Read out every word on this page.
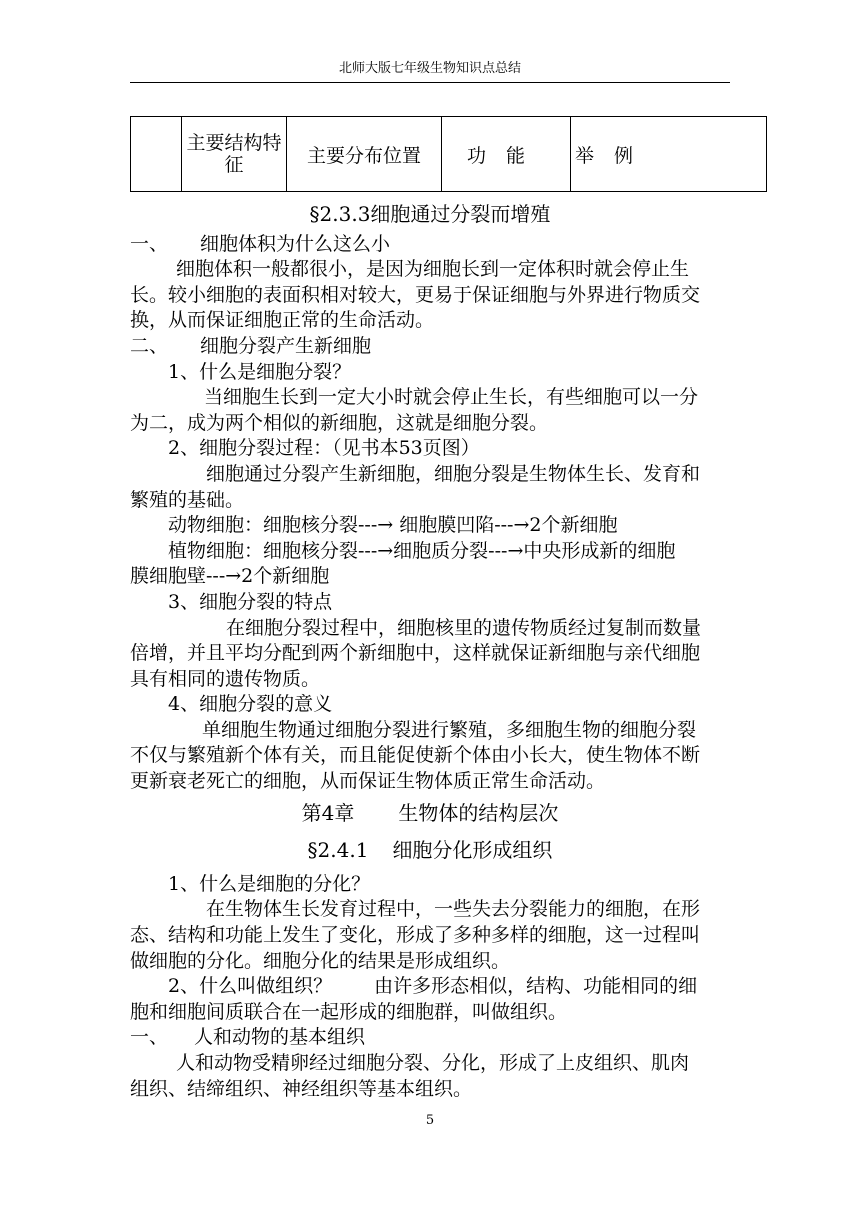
北师大版七年级生物知识点总结
	主要结构特征	主要分布位置	功能	举例

§2.3.3细胞通过分裂而增殖

一、 细胞体积为什么这么小

细胞体积一般都很小，是因为细胞长到一定体积时就会停止生

长。较小细胞的表面积相对较大，更易于保证细胞与外界进行物质交

换，从而保证细胞正常的生命活动。

二、 细胞分裂产生新细胞

1、什么是细胞分裂？

当细胞生长到一定大小时就会停止生长，有些细胞可以一分

为二，成为两个相似的新细胞，这就是细胞分裂。

2、细胞分裂过程：（见书本53页图）

细胞通过分裂产生新细胞，细胞分裂是生物体生长、发育和

繁殖的基础。

动物细胞：细胞核分裂---→ 细胞膜凹陷---→2个新细胞

植物细胞：细胞核分裂---→细胞质分裂---→中央形成新的细胞

膜细胞壁---→2个新细胞

3、细胞分裂的特点

在细胞分裂过程中，细胞核里的遗传物质经过复制而数量

倍增，并且平均分配到两个新细胞中，这样就保证新细胞与亲代细胞

具有相同的遗传物质。

4、细胞分裂的意义

单细胞生物通过细胞分裂进行繁殖，多细胞生物的细胞分裂

不仅与繁殖新个体有关，而且能促使新个体由小长大，使生物体不断

更新衰老死亡的细胞，从而保证生物体质正常生命活动。

第4章 生物体的结构层次

§2.4.1 细胞分化形成组织

1、什么是细胞的分化？

在生物体生长发育过程中，一些失去分裂能力的细胞，在形

态、结构和功能上发生了变化，形成了多种多样的细胞，这一过程叫

做细胞的分化。细胞分化的结果是形成组织。

2、什么叫做组织？ 由许多形态相似，结构、功能相同的细

胞和细胞间质联合在一起形成的细胞群，叫做组织。

一、 人和动物的基本组织

人和动物受精卵经过细胞分裂、分化，形成了上皮组织、肌肉

组织、结缔组织、神经组织等基本组织。

5
